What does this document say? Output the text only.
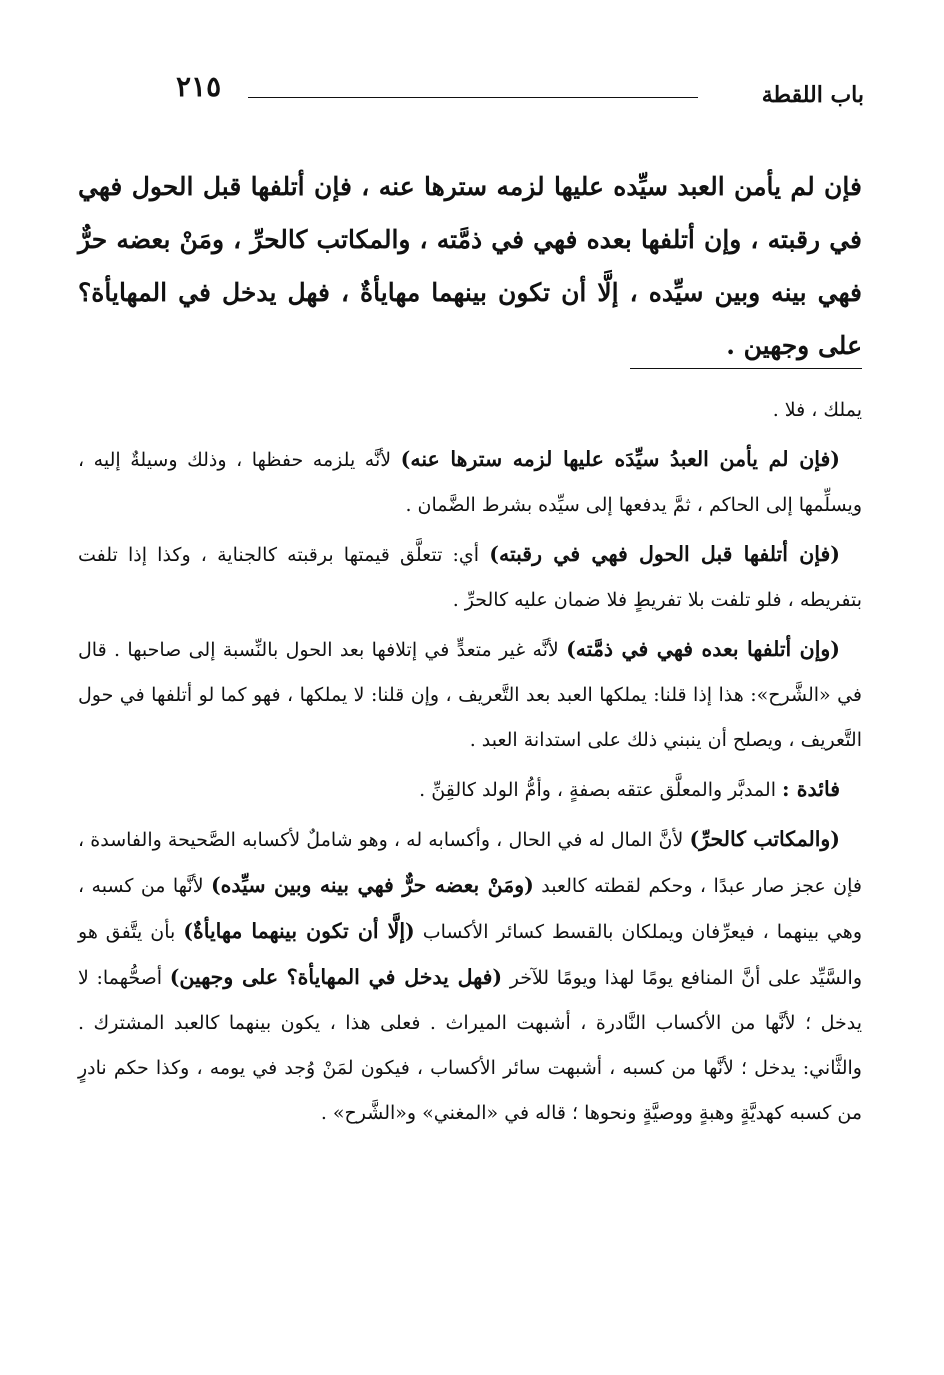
باب اللقطة
٢١٥

فإن لم يأمن العبد سيِّده عليها لزمه سترها عنه ، فإن أتلفها قبل الحول فهي في رقبته ، وإن أتلفها بعده فهي في ذمَّته ، والمكاتب كالحرِّ ، ومَنْ بعضه حرٌّ فهي بينه وبين سيِّده ، إلَّا أن تكون بينهما مهايأةٌ ، فهل يدخل في المهايأة؟ على وجهين .

يملك ، فلا .

(فإن لم يأمن العبدُ سيِّدَه عليها لزمه سترها عنه) لأنَّه يلزمه حفظها ، وذلك وسيلةٌ إليه ، ويسلِّمها إلى الحاكم ، ثمَّ يدفعها إلى سيِّده بشرط الضَّمان .

(فإن أتلفها قبل الحول فهي في رقبته) أي: تتعلَّق قيمتها برقبته كالجناية ، وكذا إذا تلفت بتفريطه ، فلو تلفت بلا تفريطٍ فلا ضمان عليه كالحرِّ .

(وإن أتلفها بعده فهي في ذمَّته) لأنَّه غير متعدٍّ في إتلافها بعد الحول بالنِّسبة إلى صاحبها . قال في «الشَّرح»: هذا إذا قلنا: يملكها العبد بعد التَّعريف ، وإن قلنا: لا يملكها ، فهو كما لو أتلفها في حول التَّعريف ، ويصلح أن ينبني ذلك على استدانة العبد .

فائدة : المدبَّر والمعلَّق عتقه بصفةٍ ، وأمُّ الولد كالقِنِّ .

(والمكاتب كالحرِّ) لأنَّ المال له في الحال ، وأكسابه له ، وهو شاملٌ لأكسابه الصَّحيحة والفاسدة ، فإن عجز صار عبدًا ، وحكم لقطته كالعبد (ومَنْ بعضه حرٌّ فهي بينه وبين سيِّده) لأنَّها من كسبه ، وهي بينهما ، فيعرِّفان ويملكان بالقسط كسائر الأكساب (إلَّا أن تكون بينهما مهايأةٌ) بأن يتَّفق هو والسَّيِّد على أنَّ المنافع يومًا لهذا ويومًا للآخر (فهل يدخل في المهايأة؟ على وجهين) أصحُّهما: لا يدخل ؛ لأنَّها من الأكساب النَّادرة ، أشبهت الميراث . فعلى هذا ، يكون بينهما كالعبد المشترك . والثَّاني: يدخل ؛ لأنَّها من كسبه ، أشبهت سائر الأكساب ، فيكون لمَنْ وُجد في يومه ، وكذا حكم نادرٍ من كسبه كهديَّةٍ وهبةٍ ووصيَّةٍ ونحوها ؛ قاله في «المغني» و«الشَّرح» .
